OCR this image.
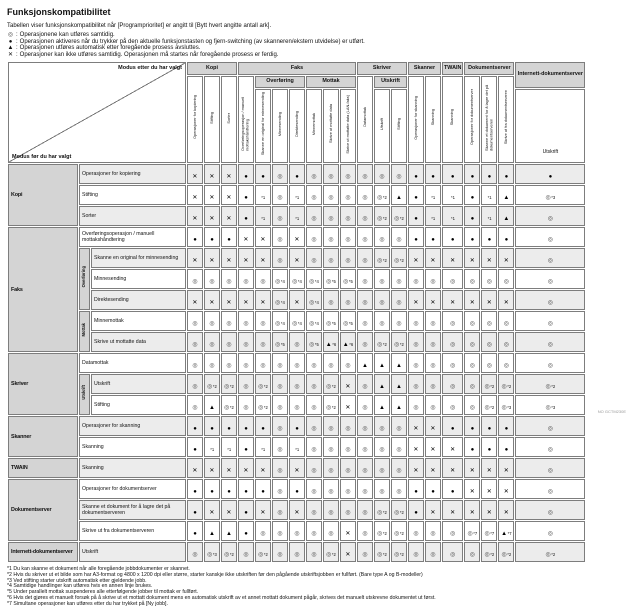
Funksjonskompatibilitet
Tabellen viser funksjonskompatibilitet når [Programprioritet] er angitt til [Bytt hvert angitte antall ark].
◎ : Operasjonene kan utføres samtidig.
● : Operasjonen aktiveres når du trykker på den aktuelle funksjonstasten og fjern-switching (av skanneren/ekstern utvidelse) er utført.
▲ : Operasjonen utføres automatisk etter foregående prosess avsluttes.
✕ : Operasjoner kan ikke utføres samtidig. Operasjonen må startes når foregående prosess er ferdig.
Modus etter du har valgt
Modus før du har valgt			Kopi			Faks							Skriver			Skanner		TWAIN	Dokumentserver			Internett-dokumentserver
			Operasjoner for kopiering	Stifting	Sorter	Overføringsoperasjon / manuell mottakshåndtering	Overføring			Mottak			Datamottak	Utskrift		Operasjoner for skanning	Skanning	Skanning	Operasjoner for dokumentserver	Skanne et dokument for å lagre det på dokumentserveren	Skrive ut fra dokumentserveren	
							Skanne en original for minnesending	Minnesending	Direktesending	Minnemottak	Skrive ut mottatte data	Skrive ut mottatte data (LAN-faks)		Utskrift	Stifting							Utskrift
Kopi	Operasjoner for kopiering		✕	✕	✕	●	●	◎	●	◎	◎	◎	◎	◎	◎	●	●	●	●	●	●	●
	Stifting		✕	✕	✕	●	*1	◎	*1	◎	◎	◎	◎	◎*2	▲	●	*1	*1	●	*1	▲	◎*3
	Sorter		✕	✕	✕	●	*1	◎	*1	◎	◎	◎	◎	◎*2	◎*2	●	*1	*1	●	*1	▲	◎
Faks	Overføringsoperasjon / manuell mottakshåndtering		●	●	●	✕	✕	◎	✕	◎	◎	◎	◎	◎	◎	●	●	●	●	●	●	◎
	Overføring	Skanne en original for minnesending	✕	✕	✕	✕	✕	◎	✕	◎	◎	◎	◎	◎*2	◎*2	✕	✕	✕	✕	✕	✕	◎
		Minnesending	◎	◎	◎	◎	◎	◎*4	◎*4	◎*4	◎*5	◎*5	◎	◎	◎	◎	◎	◎	◎	◎	◎	◎
		Direktesending	✕	✕	✕	✕	✕	◎*4	✕	◎*4	◎	◎	◎	◎	◎	✕	✕	✕	✕	✕	✕	◎
	Mottak	Minnemottak	◎	◎	◎	◎	◎	◎*4	◎*4	◎*4	◎*5	◎*5	◎	◎	◎	◎	◎	◎	◎	◎	◎	◎
		Skrive ut mottatte data	◎	◎	◎	◎	◎	◎*5	◎	◎*5	▲*6	▲*6	◎	◎*2	◎*2	◎	◎	◎	◎	◎	◎	◎
Skriver	Datamottak		◎	◎	◎	◎	◎	◎	◎	◎	◎	◎	▲	▲	▲	◎	◎	◎	◎	◎	◎	◎
	Utskrift	Utskrift	◎	◎*2	◎*2	◎	◎*2	◎	◎	◎	◎*2	✕	◎	▲	▲	◎	◎	◎	◎	◎*2	◎*2	◎*2
		Stifting	◎	▲	◎*2	◎	◎*2	◎	◎	◎	◎*2	✕	◎	▲	▲	◎	◎	◎	◎	◎*2	◎*3	◎*3
Skanner	Operasjoner for skanning		●	●	●	●	●	◎	●	◎	◎	◎	◎	◎	◎	✕	✕	●	●	●	●	◎
	Skanning		●	*1	*1	●	*1	◎	*1	◎	◎	◎	◎	◎	◎	✕	✕	✕	●	●	●	◎
TWAIN	Skanning		✕	✕	✕	✕	✕	◎	✕	◎	◎	◎	◎	◎	◎	✕	✕	✕	✕	✕	✕	◎
Dokumentserver	Operasjoner for dokumentserver		●	●	●	●	●	◎	●	◎	◎	◎	◎	◎	◎	●	●	●	✕	✕	✕	◎
	Skanne et dokument for å lagre det på dokumentserveren		●	✕	✕	●	✕	◎	✕	◎	◎	◎	◎	◎*2	◎*2	●	✕	✕	✕	✕	✕	◎
	Skrive ut fra dokumentserveren		●	▲	▲	●	◎	◎	◎	◎	◎	✕	◎	◎*2	◎*2	◎	◎	◎	◎*7	◎*7	▲*7	◎
Internett-dokumentserver	Utskrift		◎	◎*3	◎*2	◎	◎*2	◎	◎	◎	◎*2	✕	◎	◎*2	◎*2	◎	◎	◎	◎	◎*2	◎*2	◎*2
*1 Du kan skanne et dokument når alle foregående jobbdokumenter er skannet.
*2 Hvis du skriver ut et bilde som har A3-format og 4800 x 1200 dpi eller større, starter kanskje ikke utskriften før den pågående utskriftsjobben er fullført. (Bare type A og B-modeller)
*3 Ved stifting starter utskrift automatisk etter gjeldende jobb.
*4 Samtidige handlinger kan utføres hvis en annen linje brukes.
*5 Under parallelt mottak suspenderes alle etterfølgende jobber til mottak er fullført.
*6 Hvis det gjøres et manuelt forsøk på å skrive ut et mottatt dokument mens en automatisk utskrift av et annet mottatt dokument pågår, skrives det manuelt utskrevne dokumentet ut først.
*7 Simultane operasjoner kan utføres etter du har trykket på [Ny jobb].
NO GCTM230E
